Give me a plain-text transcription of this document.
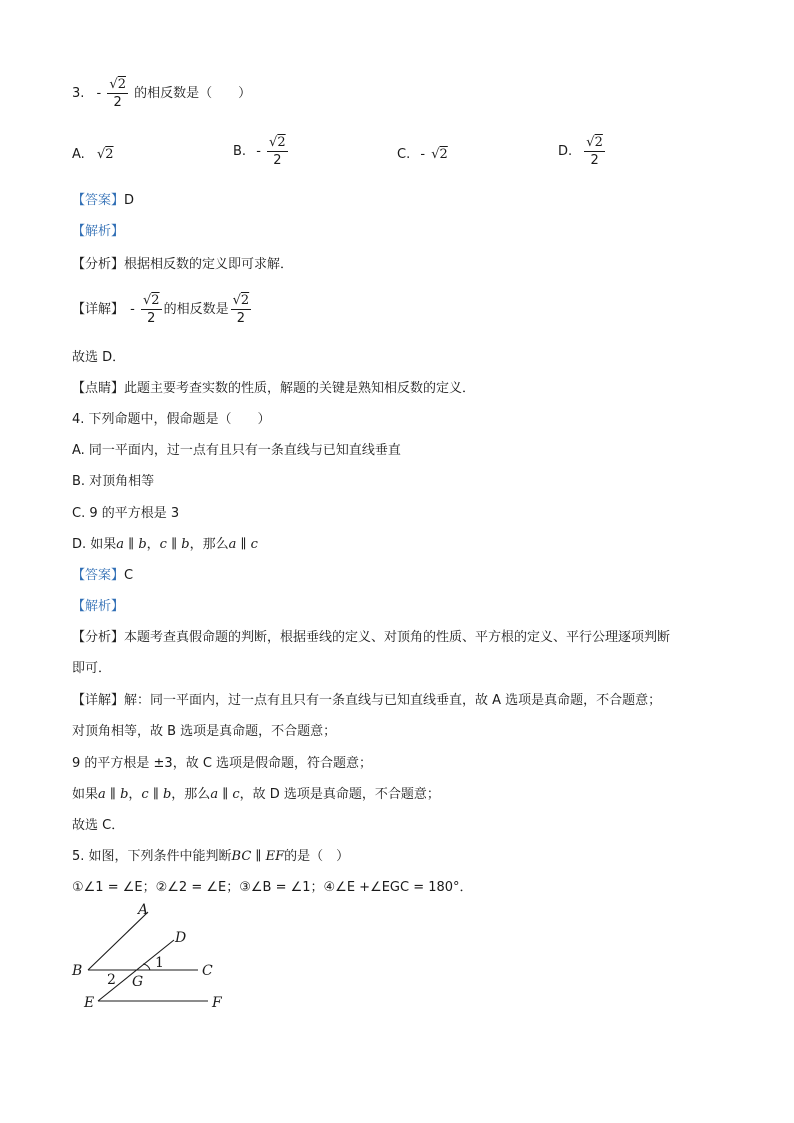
3. - $\frac{√2}{2}$ 的相反数是（　　）
A. √2	B. - $\frac{√2}{2}$	C. - √2	D. $\frac{√2}{2}$
【答案】D
【解析】
【分析】根据相反数的定义即可求解．
【详解】 - $\frac{√2}{2}$ 的相反数是 $\frac{√2}{2}$
故选 D．
【点睛】此题主要考查实数的性质，解题的关键是熟知相反数的定义．
4. 下列命题中，假命题是（　　）
A. 同一平面内，过一点有且只有一条直线与已知直线垂直
B. 对顶角相等
C. 9 的平方根是 3
D. 如果a ∥ b，c ∥ b，那么a ∥ c
【答案】C
【解析】
【分析】本题考查真假命题的判断，根据垂线的定义、对顶角的性质、平方根的定义、平行公理逐项判断
即可．
【详解】解：同一平面内，过一点有且只有一条直线与已知直线垂直，故 A 选项是真命题，不合题意；
对顶角相等，故 B 选项是真命题，不合题意；
9 的平方根是 ±3，故 C 选项是假命题，符合题意；
如果a ∥ b，c ∥ b，那么a ∥ c，故 D 选项是真命题，不合题意；
故选 C．
5. 如图，下列条件中能判断BC ∥ EF的是（　）
①∠1 = ∠E；②∠2 = ∠E；③∠B = ∠1；④∠E +∠EGC = 180°．
A
D
B	C
G
E	F
1
2
